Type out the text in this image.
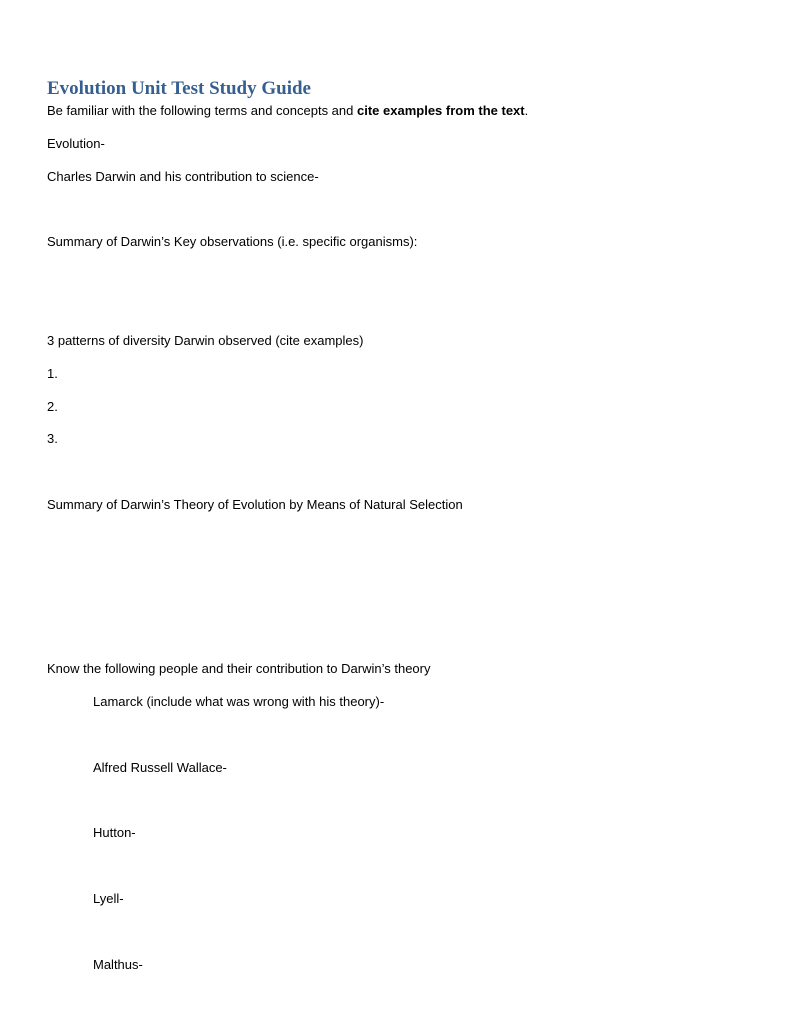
Evolution Unit Test Study Guide

Be familiar with the following terms and concepts and cite examples from the text.

Evolution-

Charles Darwin and his contribution to science-

Summary of Darwin’s Key observations (i.e. specific organisms):

3 patterns of diversity Darwin observed (cite examples)

1.

2.

3.

Summary of Darwin’s Theory of Evolution by Means of Natural Selection

Know the following people and their contribution to Darwin’s theory

Lamarck (include what was wrong with his theory)-

Alfred Russell Wallace-

Hutton-

Lyell-

Malthus-
